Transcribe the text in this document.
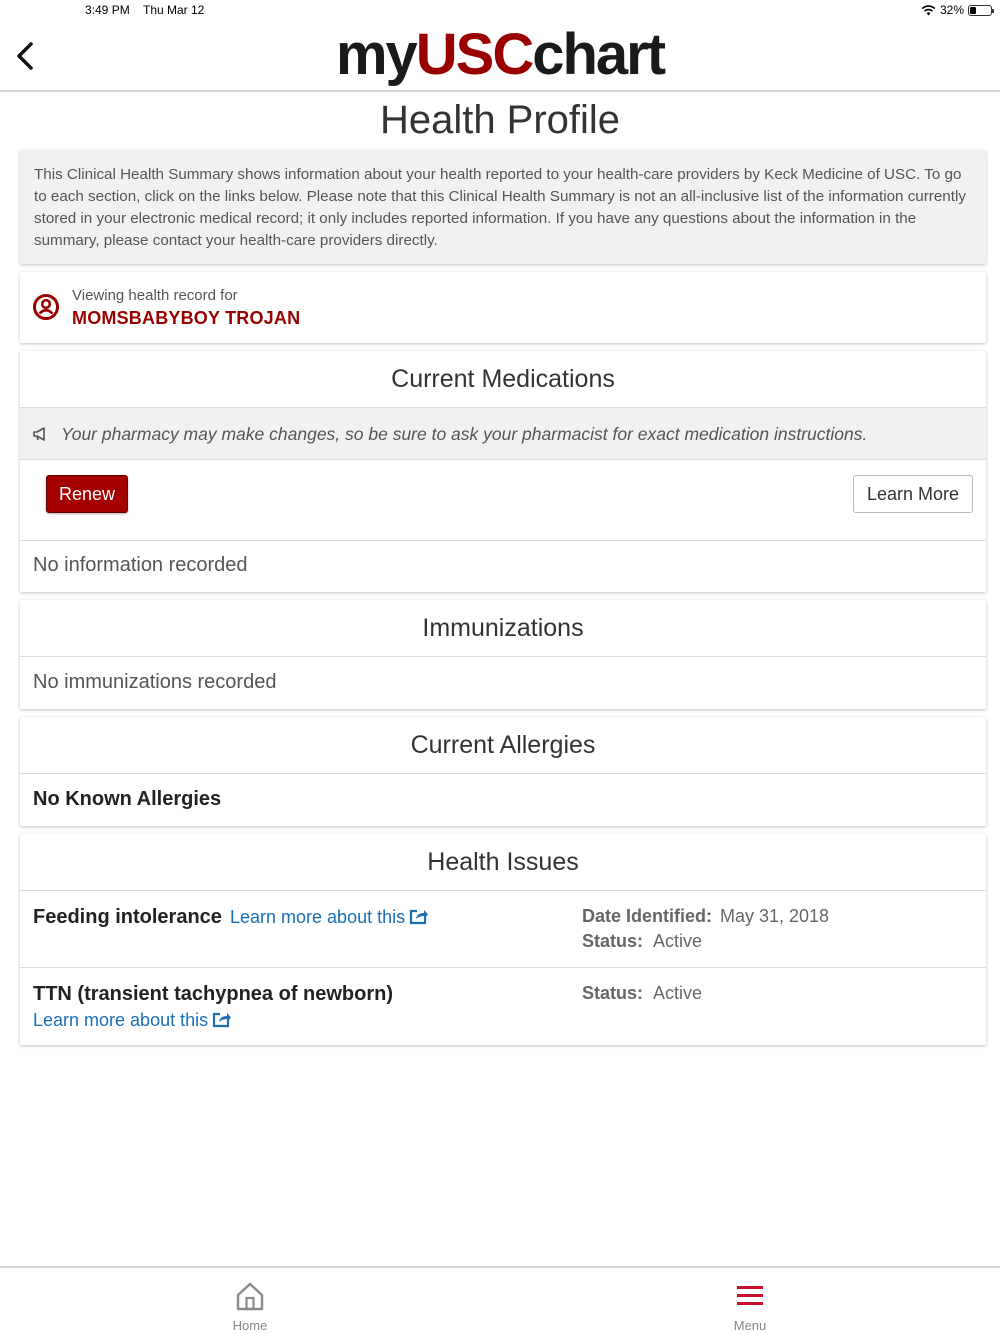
3:49 PM Thu Mar 12	32%
myUSCchart
Health Profile
This Clinical Health Summary shows information about your health reported to your health-care providers by Keck Medicine of USC. To go to each section, click on the links below. Please note that this Clinical Health Summary is not an all-inclusive list of the information currently stored in your electronic medical record; it only includes reported information. If you have any questions about the information in the summary, please contact your health-care providers directly.
Viewing health record for
MOMSBABYBOY TROJAN
Current Medications
Your pharmacy may make changes, so be sure to ask your pharmacist for exact medication instructions.
Renew	Learn More
No information recorded
Immunizations
No immunizations recorded
Current Allergies
No Known Allergies
Health Issues
Feeding intolerance Learn more about this	Date Identified: May 31, 2018
Status: Active
TTN (transient tachypnea of newborn)
Learn more about this
Status: Active
Home	Menu
